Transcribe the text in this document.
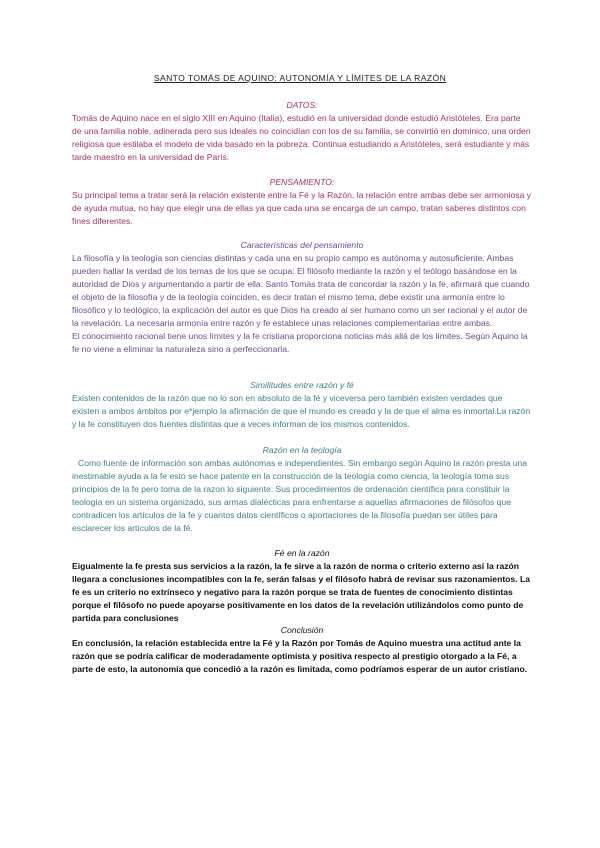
SANTO TOMÁS DE AQUINO: AUTONOMÍA Y LÍMITES DE LA RAZÓN
DATOS:
Tomás de Aquino nace en el siglo XIII en Aquino (Italia), estudió en la universidad donde estudió Aristóteles. Era parte de una familia noble, adinerada pero sus ideales no coincidían con los de su familia, se convirtió en dominico, una orden religiosa que estilaba el modelo de vida basado en la pobreza. Continua estudiando a Aristóteles, será estudiante y más tarde maestro en la universidad de París.
PENSAMIENTO:
Su principal tema a tratar será la relación existente entre la Fé y la Razón, la relación entre ambas debe ser armoniosa y de ayuda mutua, no hay que elegir una de ellas ya que cada una se encarga de un campo, tratan saberes distintos con fines diferentes.
Características del pensamiento
La filosofía y la teología son ciencias distintas y cada una en su propio campo es autónoma y autosuficiente. Ambas pueden hallar la verdad de los temas de los que se ocupa: El filósofo mediante la razón y el teólogo basándose en la autoridad de Dios y argumentando a partir de ella. Santo Tomás trata de concordar la razón y la fe, afirmará que cuando el objeto de la filosofía y de la teología coinciden, es decir tratan el mismo tema, debe existir una armonía entre lo filosófico y lo teológico, la explicación del autor es que Dios ha creado al ser humano como un ser racional y el autor de la revelación. La necesaria armonía entre razón y fe establece unas relaciones complementarias entre ambas.
El conocimiento racional tiene unos límites y la fe cristiana proporciona noticias más allá de los límites. Según Aquino la fe no viene a eliminar la naturaleza sino a perfeccionarla.
Similitudes entre razón y fé
Existen contenidos de la razón que no lo son en absoluto de la fé y viceversa pero también existen verdades que existen a ambos ámbitos por e*jemplo la afirmación de que el mundo es creado y la de que el alma es inmortal.La razón y la fe constituyen dos fuentes distintas que a veces informan de los mismos contenidos.
Razón en la teología
Como fuente de información son ambas autónomas e independientes. Sin embargo según Aquino la razón presta una inestimable ayuda a la fe esto se hace patente en la construcción de la teología como ciencia, la teología toma sus principios de la fe pero toma de la razon lo siguiente: Sus procedimientos de ordenación científica para constituir la teología en un sistema organizado, sus armas dialécticas para enfrentarse a aquellas afirmaciones de filósofos que contradicen los artículos de la fe y cuantos datos científicos o aportaciones de la filosofía puedan ser útiles para esclarecer los artículos de la fé.
Fé en la razón
Eigualmente la fe presta sus servicios a la razón, la fe sirve a la razón de norma o criterio externo así la razón llegara a conclusiones incompatibles con la fe, serán falsas y el filósofo habrá de revisar sus razonamientos. La fe es un criterio no extrínseco y negativo para la razón porque se trata de fuentes de conocimiento distintas porque el filósofo no puede apoyarse positivamente en los datos de la revelación utilizándolos como punto de partida para conclusiones
Conclusión
En conclusión, la relación establecida entre la Fé y la Razón por Tomás de Aquino muestra una actitud ante la razón que se podría calificar de moderadamente optimista y positiva respecto al prestigio otorgado a la Fé, a parte de esto, la autonomía que concedió a la razón es limitada, como podríamos esperar de un autor cristiano.
